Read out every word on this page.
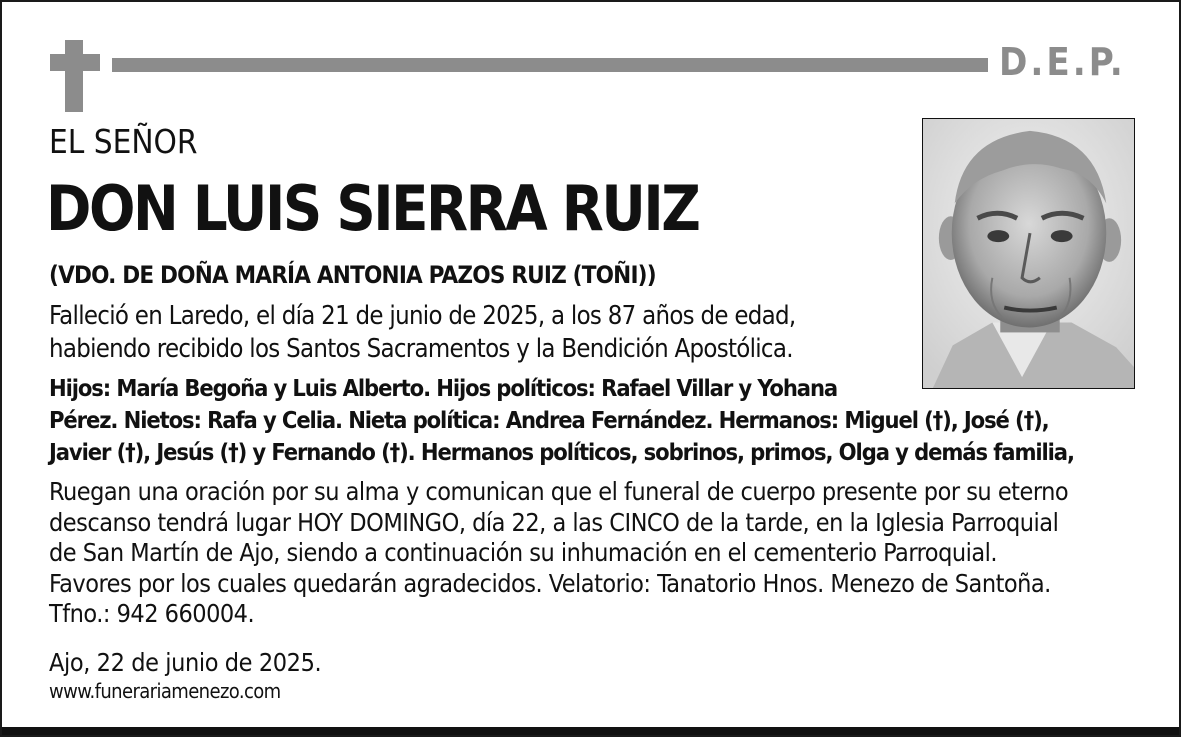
D.E.P.
EL SEÑOR
DON LUIS SIERRA RUIZ
(VDO. DE DOÑA MARÍA ANTONIA PAZOS RUIZ (TOÑI))
Falleció en Laredo, el día 21 de junio de 2025, a los 87 años de edad, habiendo recibido los Santos Sacramentos y la Bendición Apostólica.
Hijos: María Begoña y Luis Alberto. Hijos políticos: Rafael Villar y Yohana
Pérez. Nietos: Rafa y Celia. Nieta política: Andrea Fernández. Hermanos: Miguel (†), José (†),
Javier (†), Jesús (†) y Fernando (†). Hermanos políticos, sobrinos, primos, Olga y demás familia,
Ruegan una oración por su alma y comunican que el funeral de cuerpo presente por su eterno
descanso tendrá lugar HOY DOMINGO, día 22, a las CINCO de la tarde, en la Iglesia Parroquial
de San Martín de Ajo, siendo a continuación su inhumación en el cementerio Parroquial.
Favores por los cuales quedarán agradecidos. Velatorio: Tanatorio Hnos. Menezo de Santoña.
Tfno.: 942 660004.
Ajo, 22 de junio de 2025.
www.funerariamenezo.com
